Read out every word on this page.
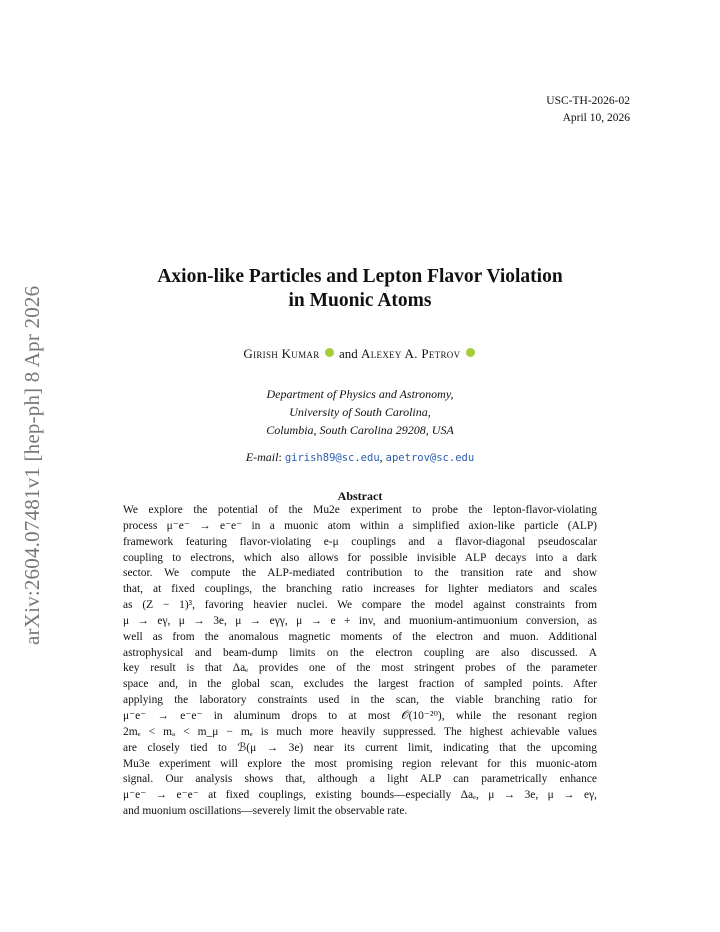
arXiv:2604.07481v1 [hep-ph] 8 Apr 2026
USC-TH-2026-02
April 10, 2026
Axion-like Particles and Lepton Flavor Violation
in Muonic Atoms
Girish Kumar and Alexey A. Petrov
Department of Physics and Astronomy,
University of South Carolina,
Columbia, South Carolina 29208, USA
E-mail: girish89@sc.edu, apetrov@sc.edu
Abstract
We explore the potential of the Mu2e experiment to probe the lepton-flavor-violating
process μ⁻e⁻ → e⁻e⁻ in a muonic atom within a simplified axion-like particle (ALP)
framework featuring flavor-violating e-μ couplings and a flavor-diagonal pseudoscalar
coupling to electrons, which also allows for possible invisible ALP decays into a dark
sector. We compute the ALP-mediated contribution to the transition rate and show
that, at fixed couplings, the branching ratio increases for lighter mediators and scales
as (Z − 1)³, favoring heavier nuclei. We compare the model against constraints from
μ → eγ, μ → 3e, μ → eγγ, μ → e + inv, and muonium-antimuonium conversion, as
well as from the anomalous magnetic moments of the electron and muon. Additional
astrophysical and beam-dump limits on the electron coupling are also discussed. A
key result is that Δaₑ provides one of the most stringent probes of the parameter
space and, in the global scan, excludes the largest fraction of sampled points. After
applying the laboratory constraints used in the scan, the viable branching ratio for
μ⁻e⁻ → e⁻e⁻ in aluminum drops to at most 𝒪(10⁻²⁰), while the resonant region
2mₑ < mₐ < m_μ − mₑ is much more heavily suppressed. The highest achievable values
are closely tied to ℬ(μ → 3e) near its current limit, indicating that the upcoming
Mu3e experiment will explore the most promising region relevant for this muonic-atom
signal. Our analysis shows that, although a light ALP can parametrically enhance
μ⁻e⁻ → e⁻e⁻ at fixed couplings, existing bounds—especially Δaₑ, μ → 3e, μ → eγ,
and muonium oscillations—severely limit the observable rate.
